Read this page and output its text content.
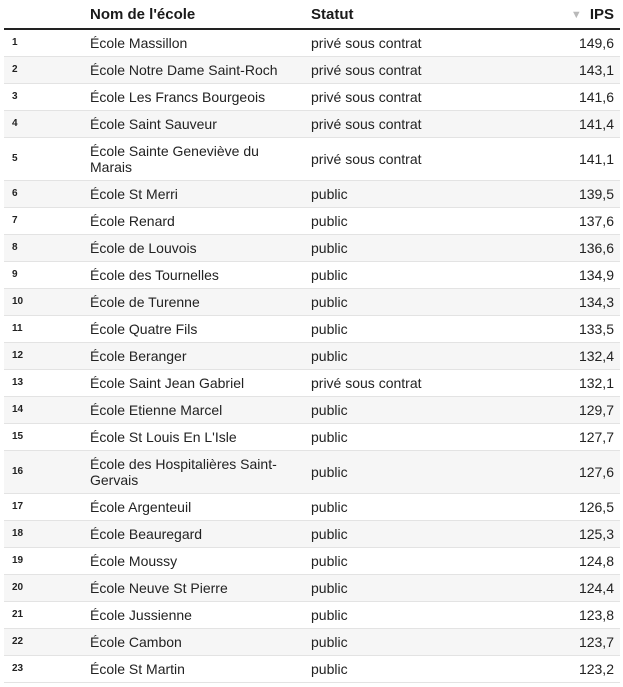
	Nom de l'école	Statut	▼ IPS
1	École Massillon	privé sous contrat	149,6
2	École Notre Dame Saint-Roch	privé sous contrat	143,1
3	École Les Francs Bourgeois	privé sous contrat	141,6
4	École Saint Sauveur	privé sous contrat	141,4
5	École Sainte Geneviève du Marais	privé sous contrat	141,1
6	École St Merri	public	139,5
7	École Renard	public	137,6
8	École de Louvois	public	136,6
9	École des Tournelles	public	134,9
10	École de Turenne	public	134,3
11	École Quatre Fils	public	133,5
12	École Beranger	public	132,4
13	École Saint Jean Gabriel	privé sous contrat	132,1
14	École Etienne Marcel	public	129,7
15	École St Louis En L'Isle	public	127,7
16	École des Hospitalières Saint-Gervais	public	127,6
17	École Argenteuil	public	126,5
18	École Beauregard	public	125,3
19	École Moussy	public	124,8
20	École Neuve St Pierre	public	124,4
21	École Jussienne	public	123,8
22	École Cambon	public	123,7
23	École St Martin	public	123,2
